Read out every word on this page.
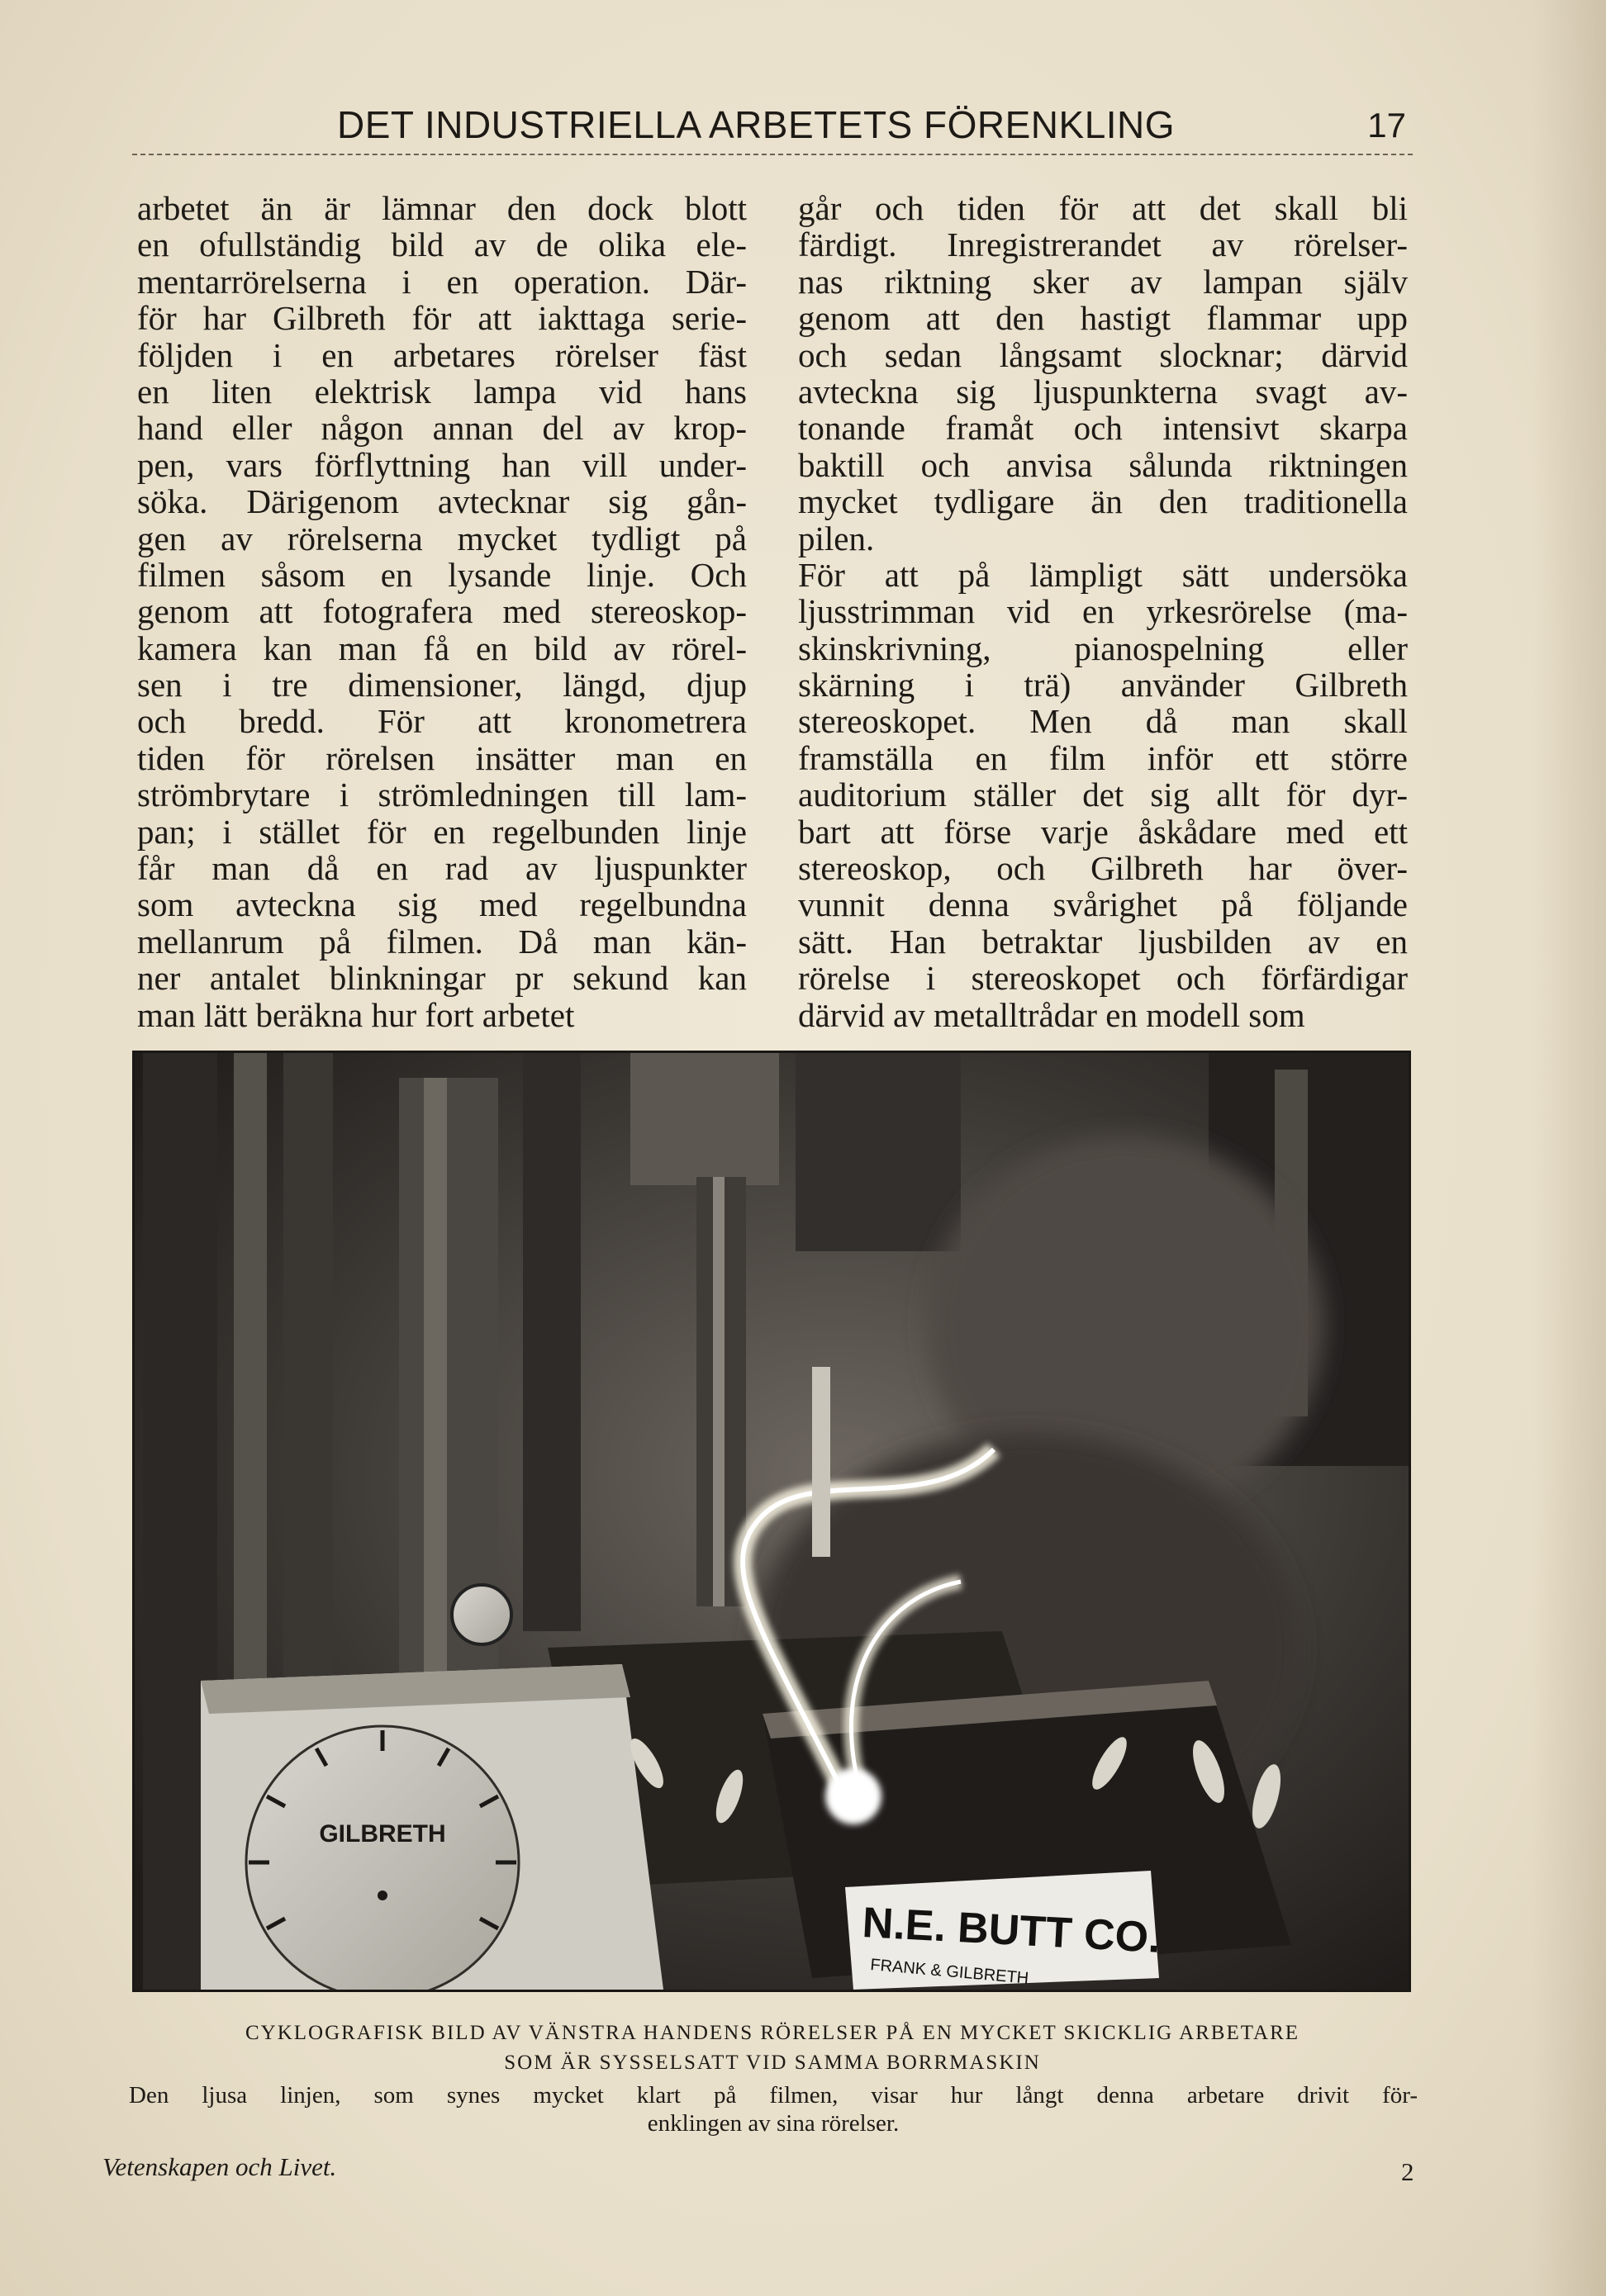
DET INDUSTRIELLA ARBETETS FÖRENKLING	17
arbetet än är lämnar den dock blott
en ofullständig bild av de olika ele-
mentarrörelserna i en operation. Där-
för har Gilbreth för att iakttaga serie-
följden i en arbetares rörelser fäst
en liten elektrisk lampa vid hans
hand eller någon annan del av krop-
pen, vars förflyttning han vill under-
söka. Därigenom avtecknar sig gån-
gen av rörelserna mycket tydligt på
filmen såsom en lysande linje. Och
genom att fotografera med stereoskop-
kamera kan man få en bild av rörel-
sen i tre dimensioner, längd, djup
och bredd. För att kronometrera
tiden för rörelsen insätter man en
strömbrytare i strömledningen till lam-
pan; i stället för en regelbunden linje
får man då en rad av ljuspunkter
som avteckna sig med regelbundna
mellanrum på filmen. Då man kän-
ner antalet blinkningar pr sekund kan
man lätt beräkna hur fort arbetet
går och tiden för att det skall bli
färdigt. Inregistrerandet av rörelser-
nas riktning sker av lampan själv
genom att den hastigt flammar upp
och sedan långsamt slocknar; därvid
avteckna sig ljuspunkterna svagt av-
tonande framåt och intensivt skarpa
baktill och anvisa sålunda riktningen
mycket tydligare än den traditionella
pilen.
För att på lämpligt sätt undersöka
ljusstrimman vid en yrkesrörelse (ma-
skinskrivning, pianospelning eller
skärning i trä) använder Gilbreth
stereoskopet. Men då man skall
framställa en film inför ett större
auditorium ställer det sig allt för dyr-
bart att förse varje åskådare med ett
stereoskop, och Gilbreth har över-
vunnit denna svårighet på följande
sätt. Han betraktar ljusbilden av en
rörelse i stereoskopet och förfärdigar
därvid av metalltrådar en modell som
GILBRETH
N.E. BUTT CO.
FRANK & GILBRETH
CYKLOGRAFISK BILD AV VÄNSTRA HANDENS RÖRELSER PÅ EN MYCKET SKICKLIG ARBETARE
SOM ÄR SYSSELSATT VID SAMMA BORRMASKIN
Den ljusa linjen, som synes mycket klart på filmen, visar hur långt denna arbetare drivit för-
enklingen av sina rörelser.
Vetenskapen och Livet.	2
